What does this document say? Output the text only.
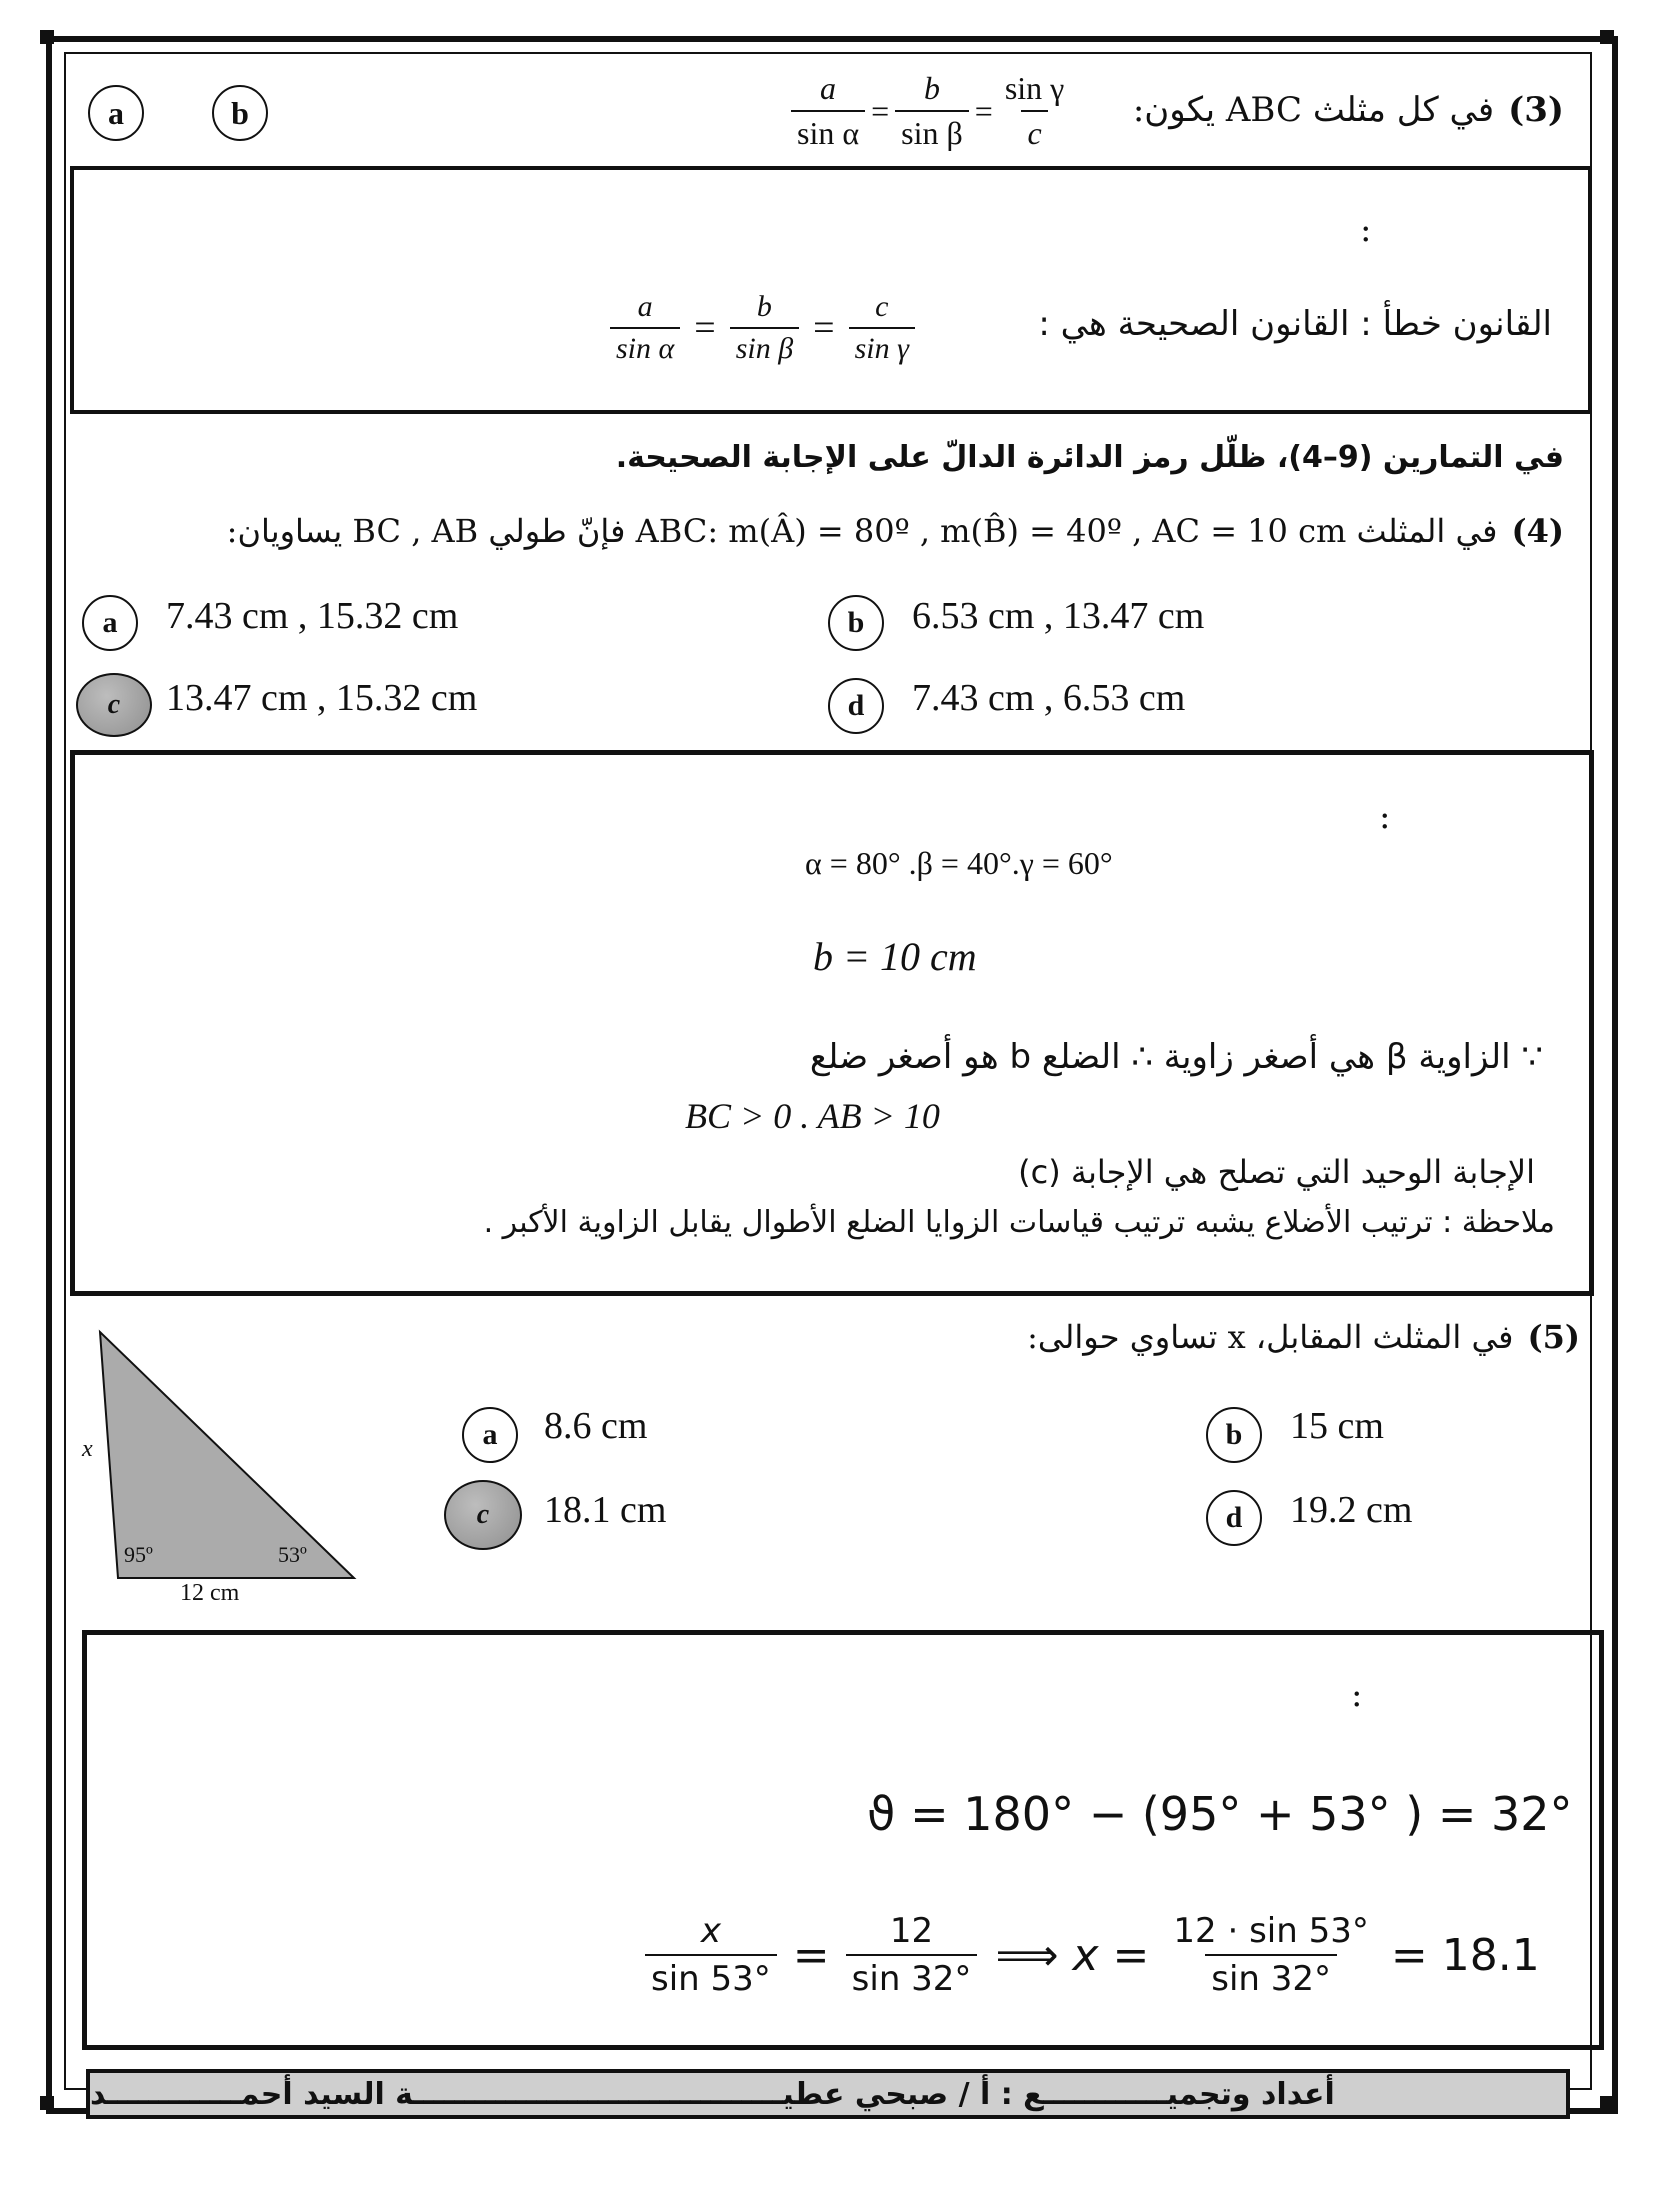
a	b	$\frac{a}{\text{sin α}} = \frac{b}{\text{sin β}} = \frac{\text{sin γ}}{c}$	(3)
في كل مثلث ABC يكون:
:
القانون خطأ : القانون الصحيحة هي :
$\frac{a}{\text{sin α}} = \frac{b}{\text{sin β}} = \frac{c}{\text{sin γ}}$
في التمارين (9–4)، ظلّل رمز الدائرة الدالّ على الإجابة الصحيحة.
(4)
في المثلث ABC: m(Â) = 80º , m(B̂) = 40º , AC = 10 cm فإنّ طولي BC , AB يساويان:
a 7.43 cm , 15.32 cm	b 6.53 cm , 13.47 cm
c 13.47 cm , 15.32 cm	d 7.43 cm , 6.53 cm
:
α = 80° .β = 40°.γ = 60°
b = 10 cm
∵ الزاوية β هي أصغر زاوية ∴ الضلع b هو أصغر ضلع
BC > 0 . AB > 10
الإجابة الوحيد التي تصلح هي الإجابة (c)
ملاحظة : ترتيب الأضلاع يشبه ترتيب قياسات الزوايا الضلع الأطوال يقابل الزاوية الأكبر .
(5)
في المثلث المقابل، x تساوي حوالى:
x
95º	53º
12 cm
a 8.6 cm	b 15 cm
c 18.1 cm	d 19.2 cm
:
ϑ = 180° − (95° + 53° ) = 32°
$\frac{x}{\sin 53^\circ} = \frac{12}{\sin 32^\circ}$ ⟹ $x = \frac{12 \cdot \sin 53^\circ}{\sin 32^\circ} = 18.1$
أعداد وتجميــــــــــــع : أ / صبحي عطيــــــــــــــــــــــــــــــــــــة السيد أحمـــــــــــــد
